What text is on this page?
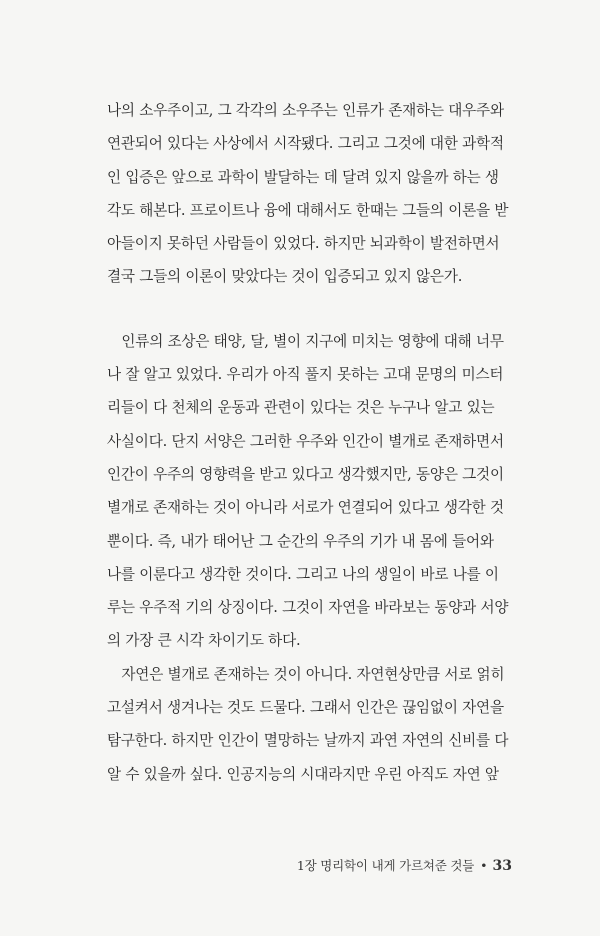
나의 소우주이고, 그 각각의 소우주는 인류가 존재하는 대우주와
연관되어 있다는 사상에서 시작됐다. 그리고 그것에 대한 과학적
인 입증은 앞으로 과학이 발달하는 데 달려 있지 않을까 하는 생
각도 해본다. 프로이트나 융에 대해서도 한때는 그들의 이론을 받
아들이지 못하던 사람들이 있었다. 하지만 뇌과학이 발전하면서
결국 그들의 이론이 맞았다는 것이 입증되고 있지 않은가.
　인류의 조상은 태양, 달, 별이 지구에 미치는 영향에 대해 너무
나 잘 알고 있었다. 우리가 아직 풀지 못하는 고대 문명의 미스터
리들이 다 천체의 운동과 관련이 있다는 것은 누구나 알고 있는
사실이다. 단지 서양은 그러한 우주와 인간이 별개로 존재하면서
인간이 우주의 영향력을 받고 있다고 생각했지만, 동양은 그것이
별개로 존재하는 것이 아니라 서로가 연결되어 있다고 생각한 것
뿐이다. 즉, 내가 태어난 그 순간의 우주의 기가 내 몸에 들어와
나를 이룬다고 생각한 것이다. 그리고 나의 생일이 바로 나를 이
루는 우주적 기의 상징이다. 그것이 자연을 바라보는 동양과 서양
의 가장 큰 시각 차이기도 하다.
　자연은 별개로 존재하는 것이 아니다. 자연현상만큼 서로 얽히
고설켜서 생겨나는 것도 드물다. 그래서 인간은 끊임없이 자연을
탐구한다. 하지만 인간이 멸망하는 날까지 과연 자연의 신비를 다
알 수 있을까 싶다. 인공지능의 시대라지만 우린 아직도 자연 앞
1장 명리학이 내게 가르쳐준 것들 • 33
